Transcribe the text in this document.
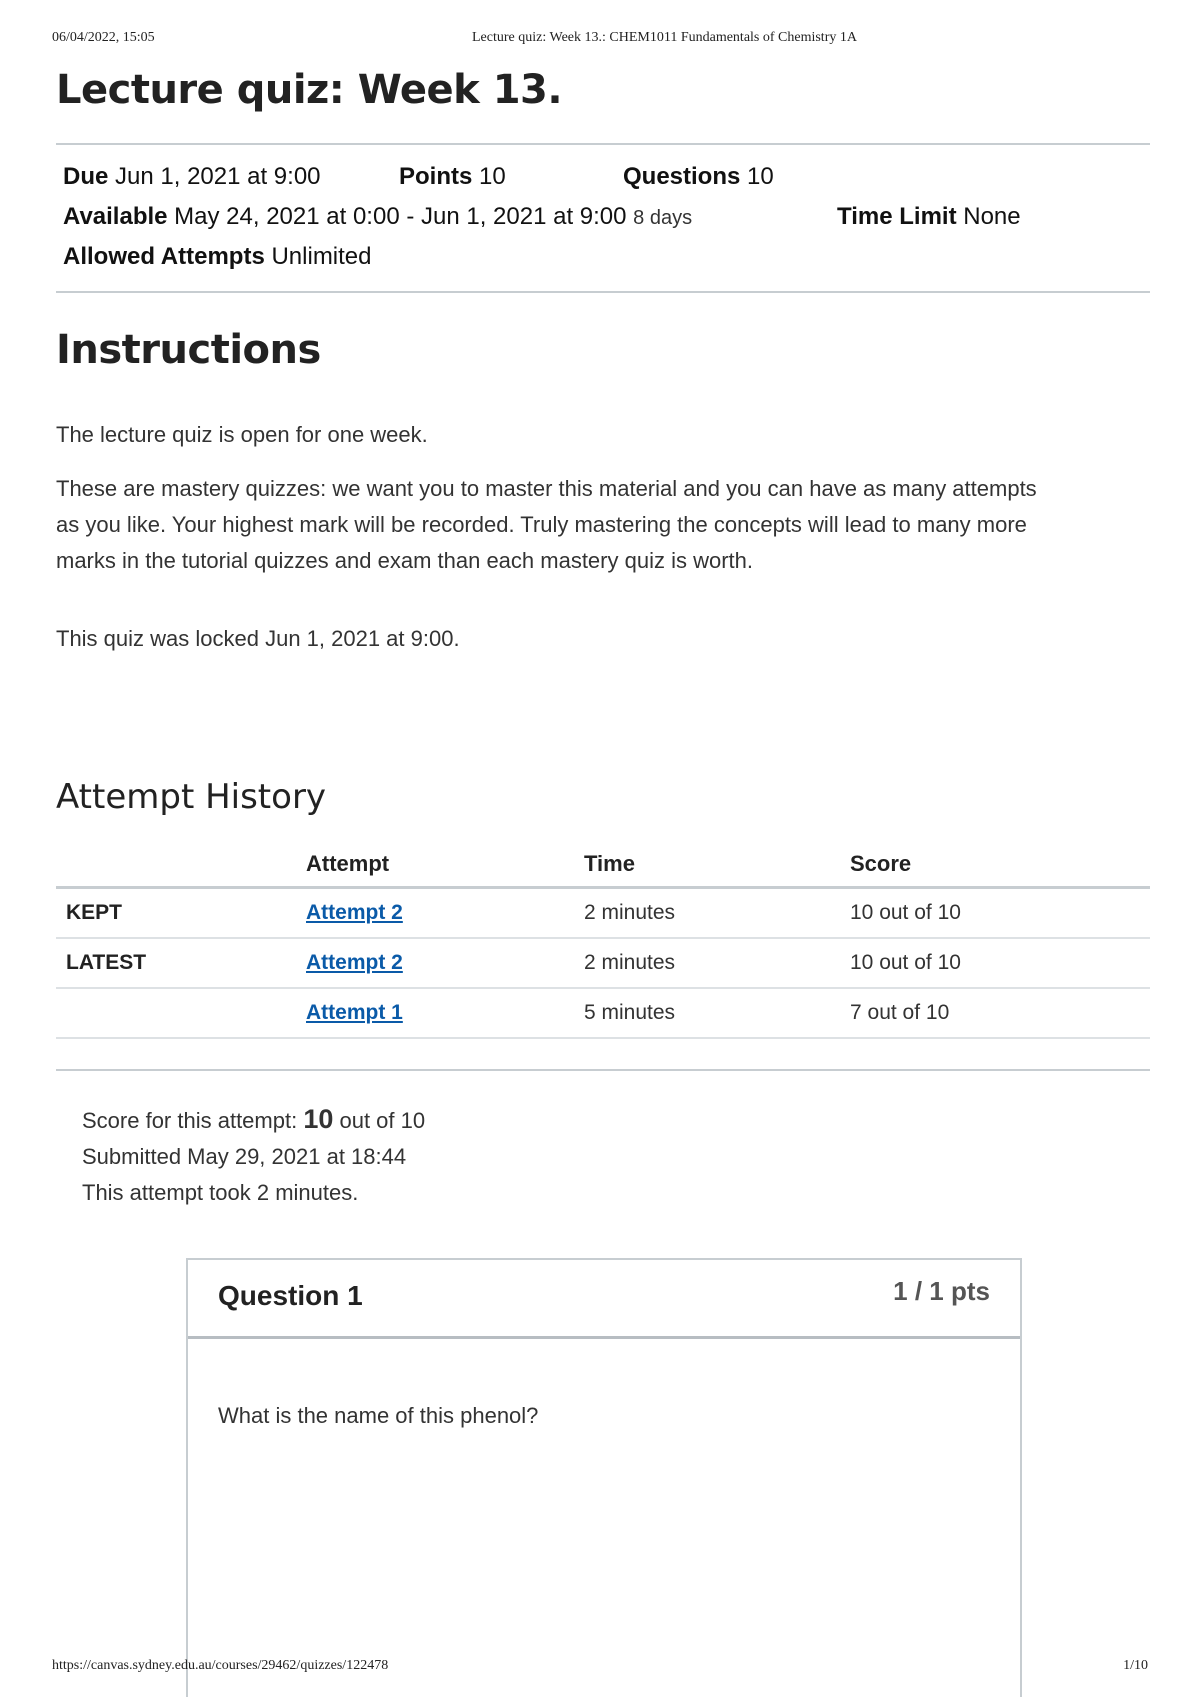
06/04/2022, 15:05	Lecture quiz: Week 13.: CHEM1011 Fundamentals of Chemistry 1A
Lecture quiz: Week 13.
Due Jun 1, 2021 at 9:00	Points 10	Questions 10
Available May 24, 2021 at 0:00 - Jun 1, 2021 at 9:00 8 days	Time Limit None
Allowed Attempts Unlimited
Instructions

The lecture quiz is open for one week.

These are mastery quizzes: we want you to master this material and you can have as many attempts

as you like. Your highest mark will be recorded. Truly mastering the concepts will lead to many more

marks in the tutorial quizzes and exam than each mastery quiz is worth.

This quiz was locked Jun 1, 2021 at 9:00.

Attempt History
	Attempt	Time	Score
KEPT	Attempt 2	2 minutes	10 out of 10
LATEST	Attempt 2	2 minutes	10 out of 10
	Attempt 1	5 minutes	7 out of 10
Score for this attempt: 10 out of 10
Submitted May 29, 2021 at 18:44
This attempt took 2 minutes.
Question 1	1 / 1 pts
What is the name of this phenol?
https://canvas.sydney.edu.au/courses/29462/quizzes/122478	1/10
